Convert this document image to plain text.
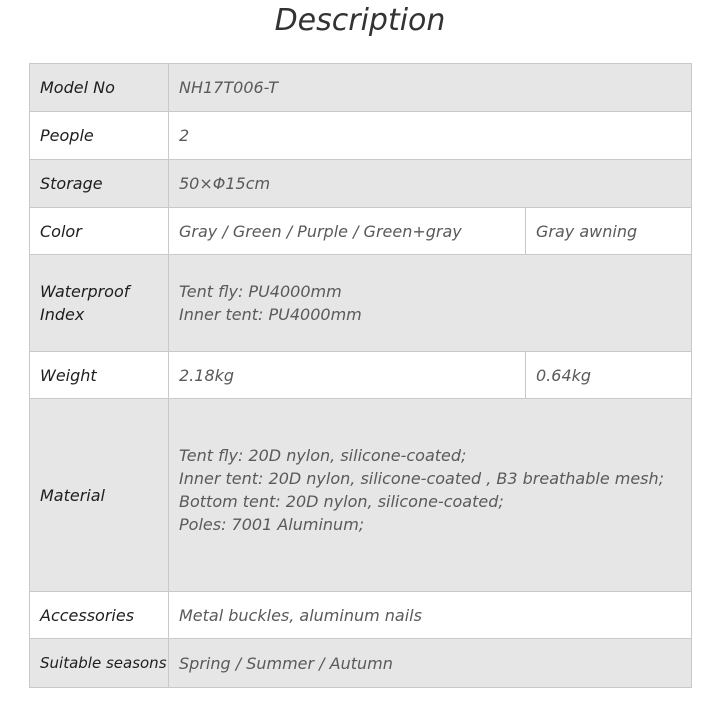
Description
Model No	NH17T006-T	
People	2	
Storage	50×Φ15cm	
Color	Gray / Green / Purple / Green+gray	Gray awning

Waterproof
Index	Tent fly: PU4000mm
Inner tent: PU4000mm	

Weight	2.18kg	0.64kg
Material	Tent fly: 20D nylon, silicone-coated;
Inner tent: 20D nylon, silicone-coated , B3 breathable mesh;
Bottom tent: 20D nylon, silicone-coated;
Poles: 7001 Aluminum;	

Accessories	Metal buckles, aluminum nails	
Suitable seasons	Spring / Summer / Autumn	
